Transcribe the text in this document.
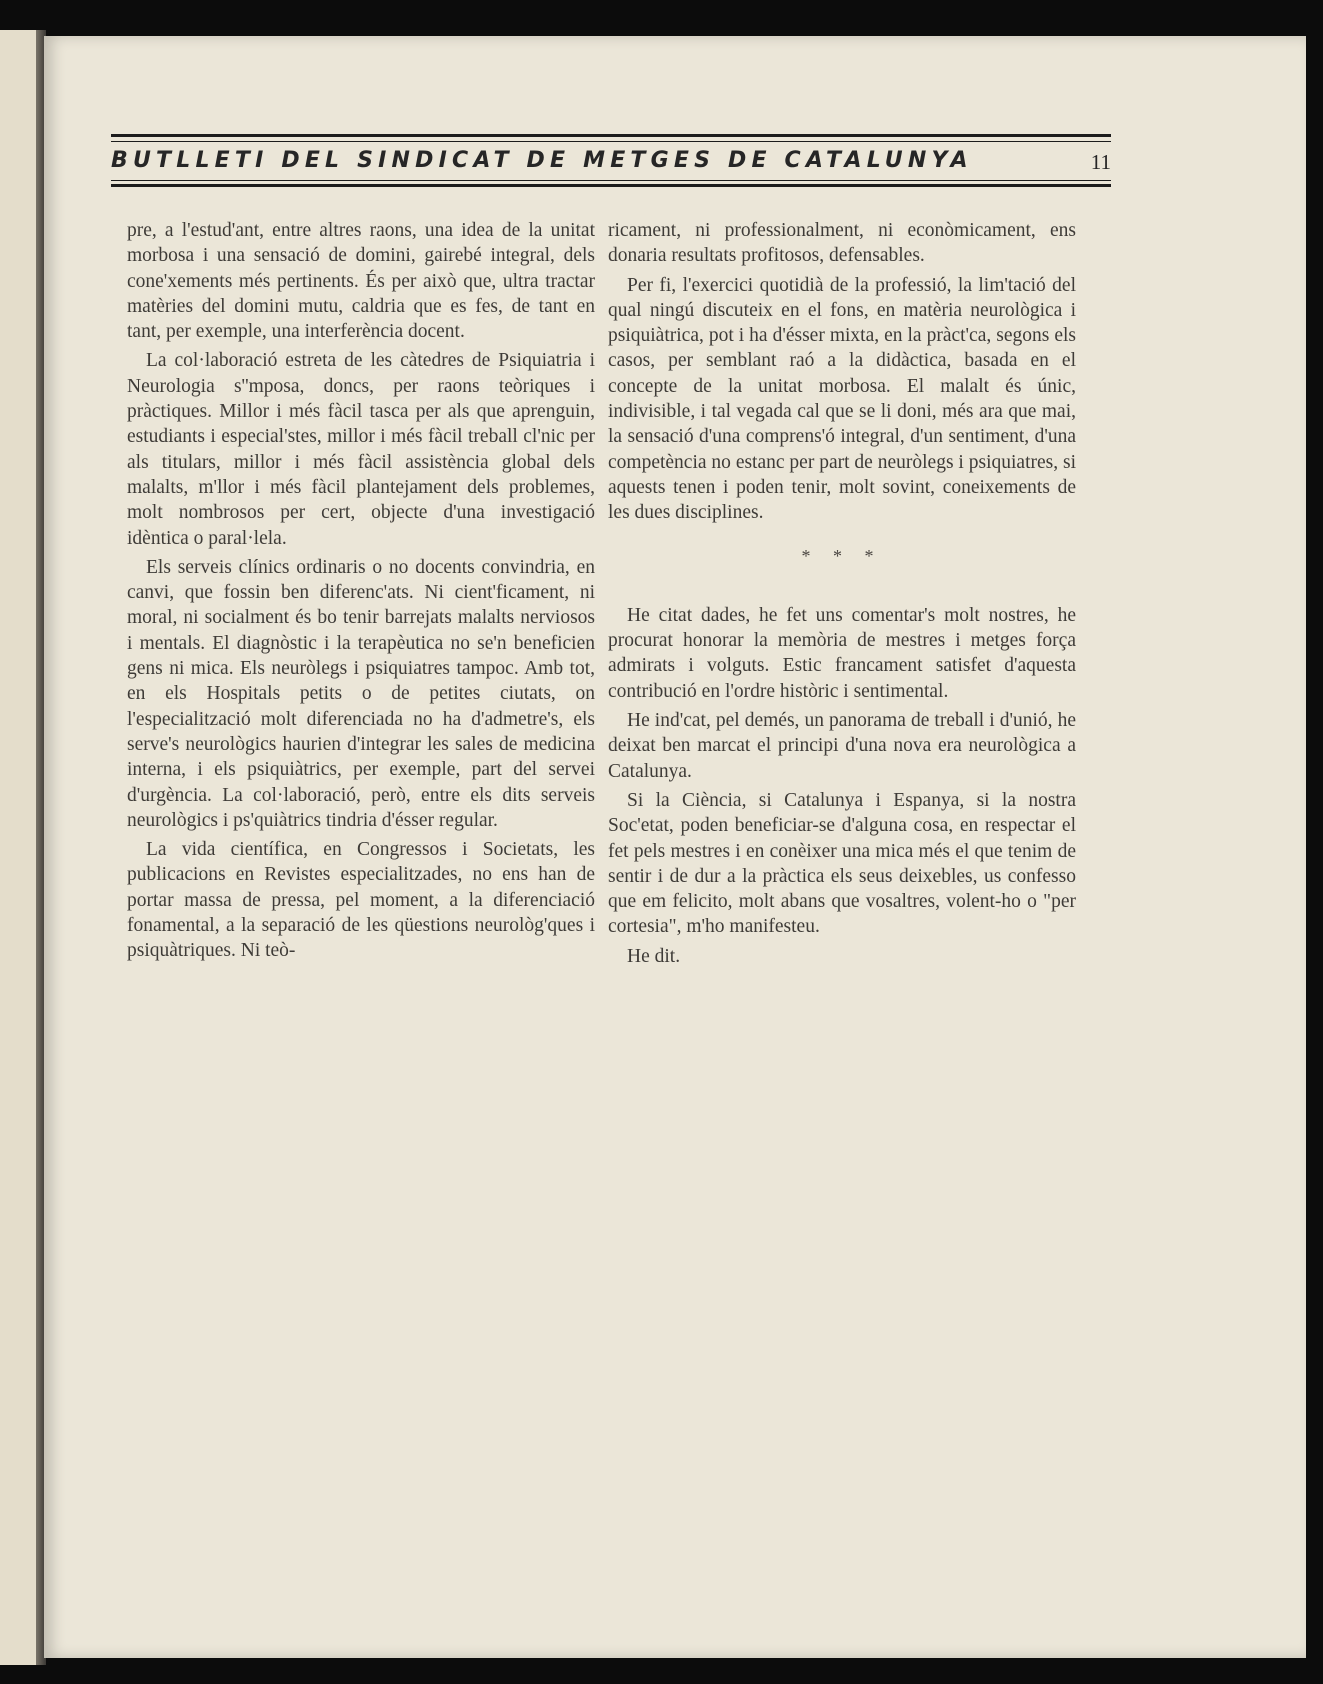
BUTLLETI DEL SINDICAT DE METGES DE CATALUNYA	11

pre, a l'estud'ant, entre altres raons, una idea de la unitat morbosa i una sensació de domini, gairebé integral, dels cone'xements més pertinents. És per això que, ultra tractar matèries del domini mutu, caldria que es fes, de tant en tant, per exemple, una interferència docent.

La col·laboració estreta de les càtedres de Psiquiatria i Neurologia s''mposa, doncs, per raons teòriques i pràctiques. Millor i més fàcil tasca per als que aprenguin, estudiants i especial'stes, millor i més fàcil treball cl'nic per als titulars, millor i més fàcil assistència global dels malalts, m'llor i més fàcil plantejament dels problemes, molt nombrosos per cert, objecte d'una investigació idèntica o paral·lela.

Els serveis clínics ordinaris o no docents convindria, en canvi, que fossin ben diferenc'ats. Ni cient'ficament, ni moral, ni socialment és bo tenir barrejats malalts nerviosos i mentals. El diagnòstic i la terapèutica no se'n beneficien gens ni mica. Els neuròlegs i psiquiatres tampoc. Amb tot, en els Hospitals petits o de petites ciutats, on l'especialització molt diferenciada no ha d'admetre's, els serve's neurològics haurien d'integrar les sales de medicina interna, i els psiquiàtrics, per exemple, part del servei d'urgència. La col·laboració, però, entre els dits serveis neurològics i ps'quiàtrics tindria d'ésser regular.

La vida científica, en Congressos i Societats, les publicacions en Revistes especialitzades, no ens han de portar massa de pressa, pel moment, a la diferenciació fonamental, a la separació de les qüestions neurològ'ques i psiquàtriques. Ni teò-

ricament, ni professionalment, ni econòmicament, ens donaria resultats profitosos, defensables.

Per fi, l'exercici quotidià de la professió, la lim'tació del qual ningú discuteix en el fons, en matèria neurològica i psiquiàtrica, pot i ha d'ésser mixta, en la pràct'ca, segons els casos, per semblant raó a la didàctica, basada en el concepte de la unitat morbosa. El malalt és únic, indivisible, i tal vegada cal que se li doni, més ara que mai, la sensació d'una comprens'ó integral, d'un sentiment, d'una competència no estanc per part de neuròlegs i psiquiatres, si aquests tenen i poden tenir, molt sovint, coneixements de les dues disciplines.

* * *

He citat dades, he fet uns comentar's molt nostres, he procurat honorar la memòria de mestres i metges força admirats i volguts. Estic francament satisfet d'aquesta contribució en l'ordre històric i sentimental.

He ind'cat, pel demés, un panorama de treball i d'unió, he deixat ben marcat el principi d'una nova era neurològica a Catalunya.

Si la Ciència, si Catalunya i Espanya, si la nostra Soc'etat, poden beneficiar-se d'alguna cosa, en respectar el fet pels mestres i en conèixer una mica més el que tenim de sentir i de dur a la pràctica els seus deixebles, us confesso que em felicito, molt abans que vosaltres, volent-ho o "per cortesia", m'ho manifesteu.

He dit.
